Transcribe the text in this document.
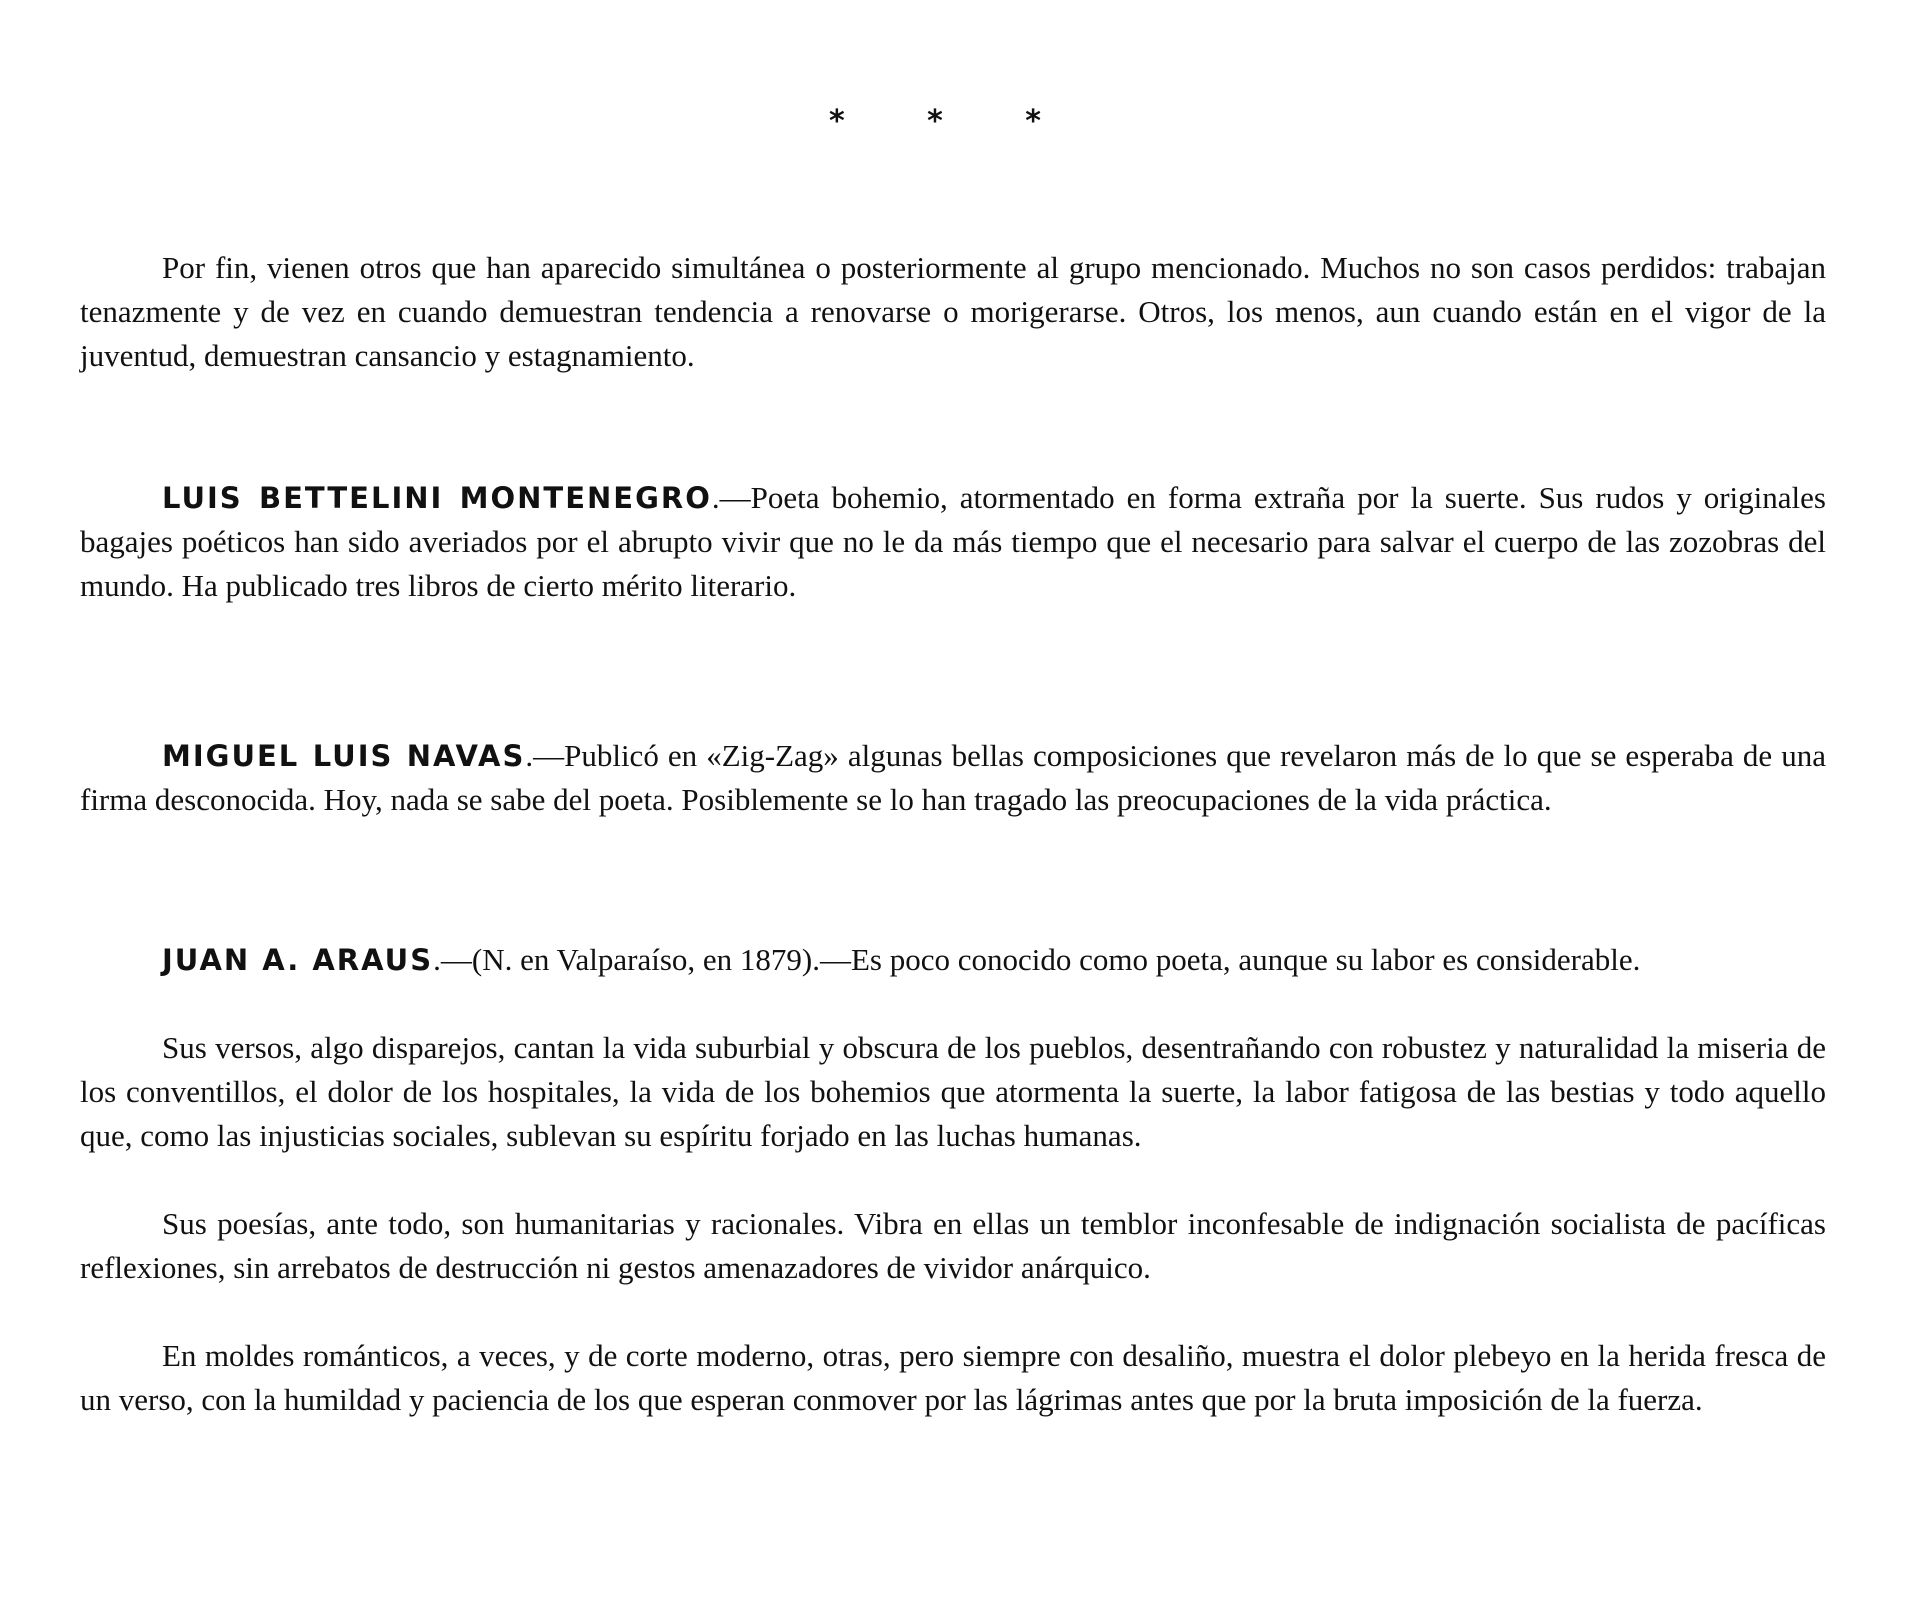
* * *

Por fin, vienen otros que han aparecido simultánea o posteriormente al grupo mencionado. Muchos no son casos perdidos: trabajan tenazmente y de vez en cuando demuestran tendencia a renovarse o morigerarse. Otros, los menos, aun cuando están en el vigor de la juventud, demuestran cansancio y estagnamiento.

LUIS BETTELINI MONTENEGRO.—Poeta bohemio, atormentado en forma extraña por la suerte. Sus rudos y originales bagajes poéticos han sido averiados por el abrupto vivir que no le da más tiempo que el necesario para salvar el cuerpo de las zozobras del mundo. Ha publicado tres libros de cierto mérito literario.

MIGUEL LUIS NAVAS.—Publicó en «Zig-Zag» algunas bellas composiciones que revelaron más de lo que se esperaba de una firma desconocida. Hoy, nada se sabe del poeta. Posiblemente se lo han tragado las preocupaciones de la vida práctica.

JUAN A. ARAUS.—(N. en Valparaíso, en 1879).—Es poco conocido como poeta, aunque su labor es considerable.

Sus versos, algo disparejos, cantan la vida suburbial y obscura de los pueblos, desentrañando con robustez y naturalidad la miseria de los conventillos, el dolor de los hospitales, la vida de los bohemios que atormenta la suerte, la labor fatigosa de las bestias y todo aquello que, como las injusticias sociales, sublevan su espíritu forjado en las luchas humanas.

Sus poesías, ante todo, son humanitarias y racionales. Vibra en ellas un temblor inconfesable de indignación socialista de pacíficas reflexiones, sin arrebatos de destrucción ni gestos amenazadores de vividor anárquico.

En moldes románticos, a veces, y de corte moderno, otras, pero siempre con desaliño, muestra el dolor plebeyo en la herida fresca de un verso, con la humildad y paciencia de los que esperan conmover por las lágrimas antes que por la bruta imposición de la fuerza.
